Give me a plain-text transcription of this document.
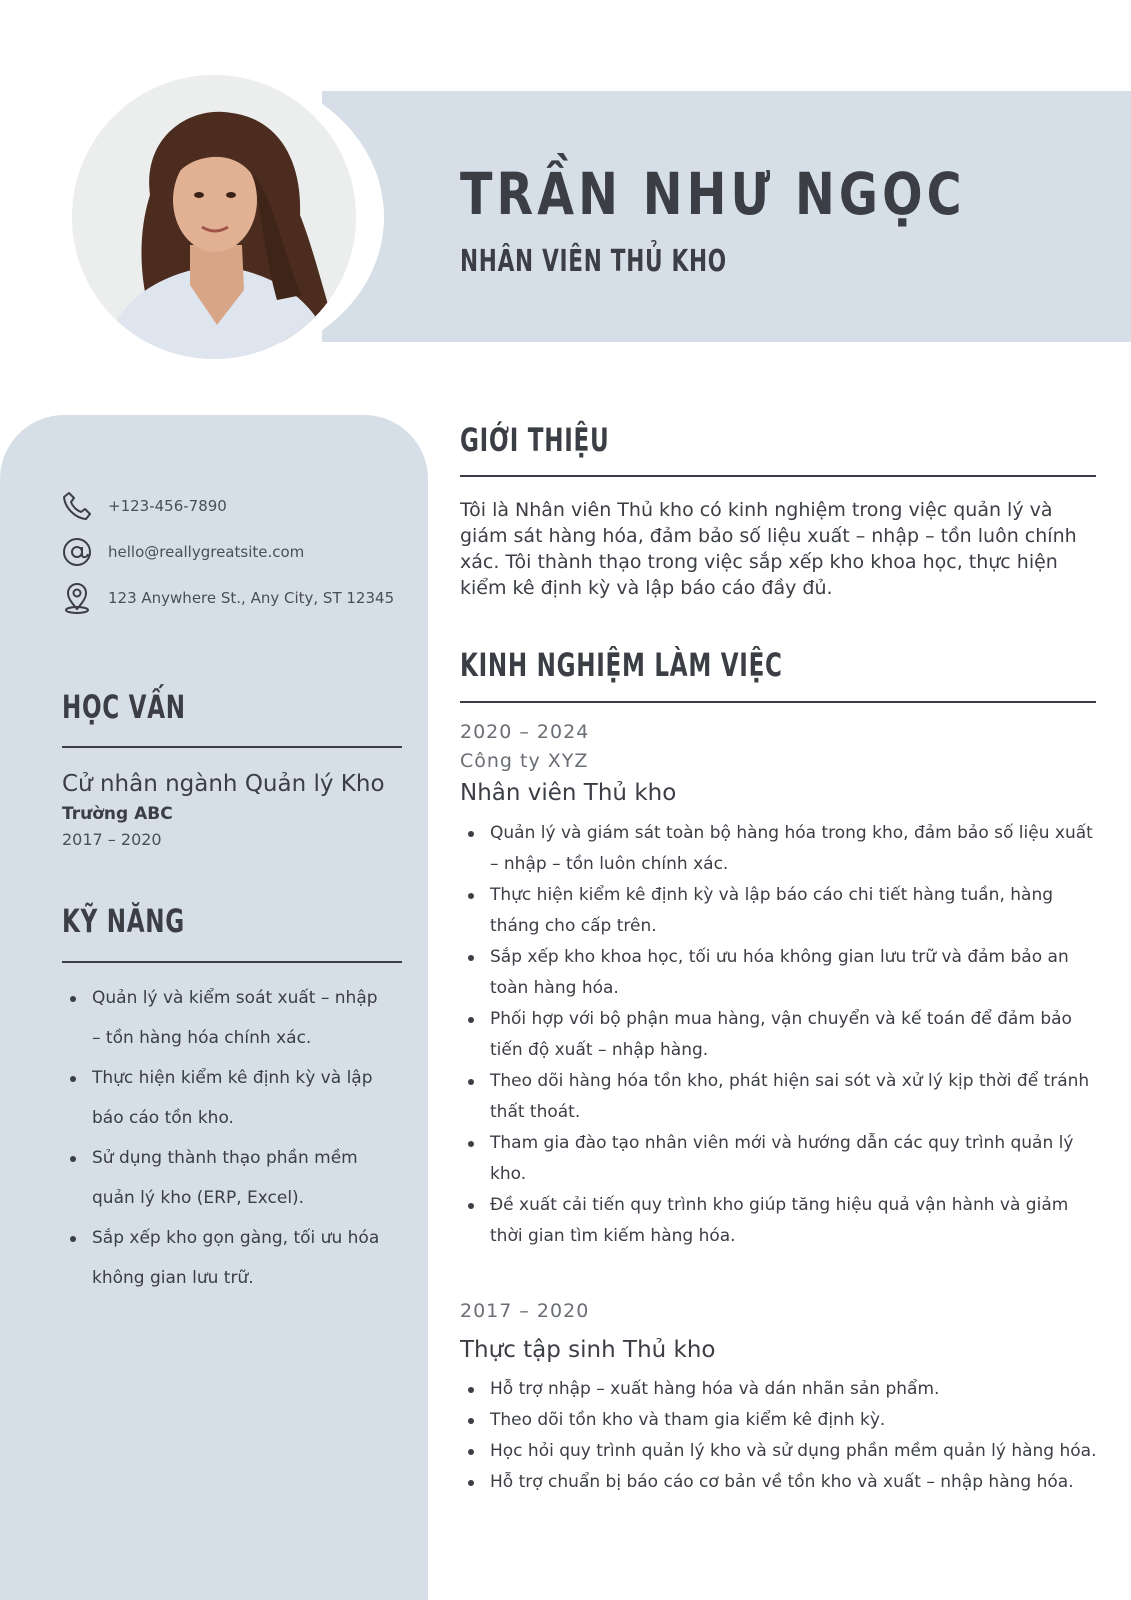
TRẦN NHƯ NGỌC
NHÂN VIÊN THỦ KHO
+123-456-7890
hello@reallygreatsite.com
123 Anywhere St., Any City, ST 12345
HỌC VẤN
Cử nhân ngành Quản lý Kho
Trường ABC
2017 – 2020
KỸ NĂNG
Quản lý và kiểm soát xuất – nhập – tồn hàng hóa chính xác.
Thực hiện kiểm kê định kỳ và lập báo cáo tồn kho.
Sử dụng thành thạo phần mềm quản lý kho (ERP, Excel).
Sắp xếp kho gọn gàng, tối ưu hóa không gian lưu trữ.
GIỚI THIỆU
Tôi là Nhân viên Thủ kho có kinh nghiệm trong việc quản lý và giám sát hàng hóa, đảm bảo số liệu xuất – nhập – tồn luôn chính xác. Tôi thành thạo trong việc sắp xếp kho khoa học, thực hiện kiểm kê định kỳ và lập báo cáo đầy đủ.
KINH NGHIỆM LÀM VIỆC
2020 – 2024
Công ty XYZ
Nhân viên Thủ kho
Quản lý và giám sát toàn bộ hàng hóa trong kho, đảm bảo số liệu xuất – nhập – tồn luôn chính xác.
Thực hiện kiểm kê định kỳ và lập báo cáo chi tiết hàng tuần, hàng tháng cho cấp trên.
Sắp xếp kho khoa học, tối ưu hóa không gian lưu trữ và đảm bảo an toàn hàng hóa.
Phối hợp với bộ phận mua hàng, vận chuyển và kế toán để đảm bảo tiến độ xuất – nhập hàng.
Theo dõi hàng hóa tồn kho, phát hiện sai sót và xử lý kịp thời để tránh thất thoát.
Tham gia đào tạo nhân viên mới và hướng dẫn các quy trình quản lý kho.
Đề xuất cải tiến quy trình kho giúp tăng hiệu quả vận hành và giảm thời gian tìm kiếm hàng hóa.
2017 – 2020
Thực tập sinh Thủ kho
Hỗ trợ nhập – xuất hàng hóa và dán nhãn sản phẩm.
Theo dõi tồn kho và tham gia kiểm kê định kỳ.
Học hỏi quy trình quản lý kho và sử dụng phần mềm quản lý hàng hóa.
Hỗ trợ chuẩn bị báo cáo cơ bản về tồn kho và xuất – nhập hàng hóa.
